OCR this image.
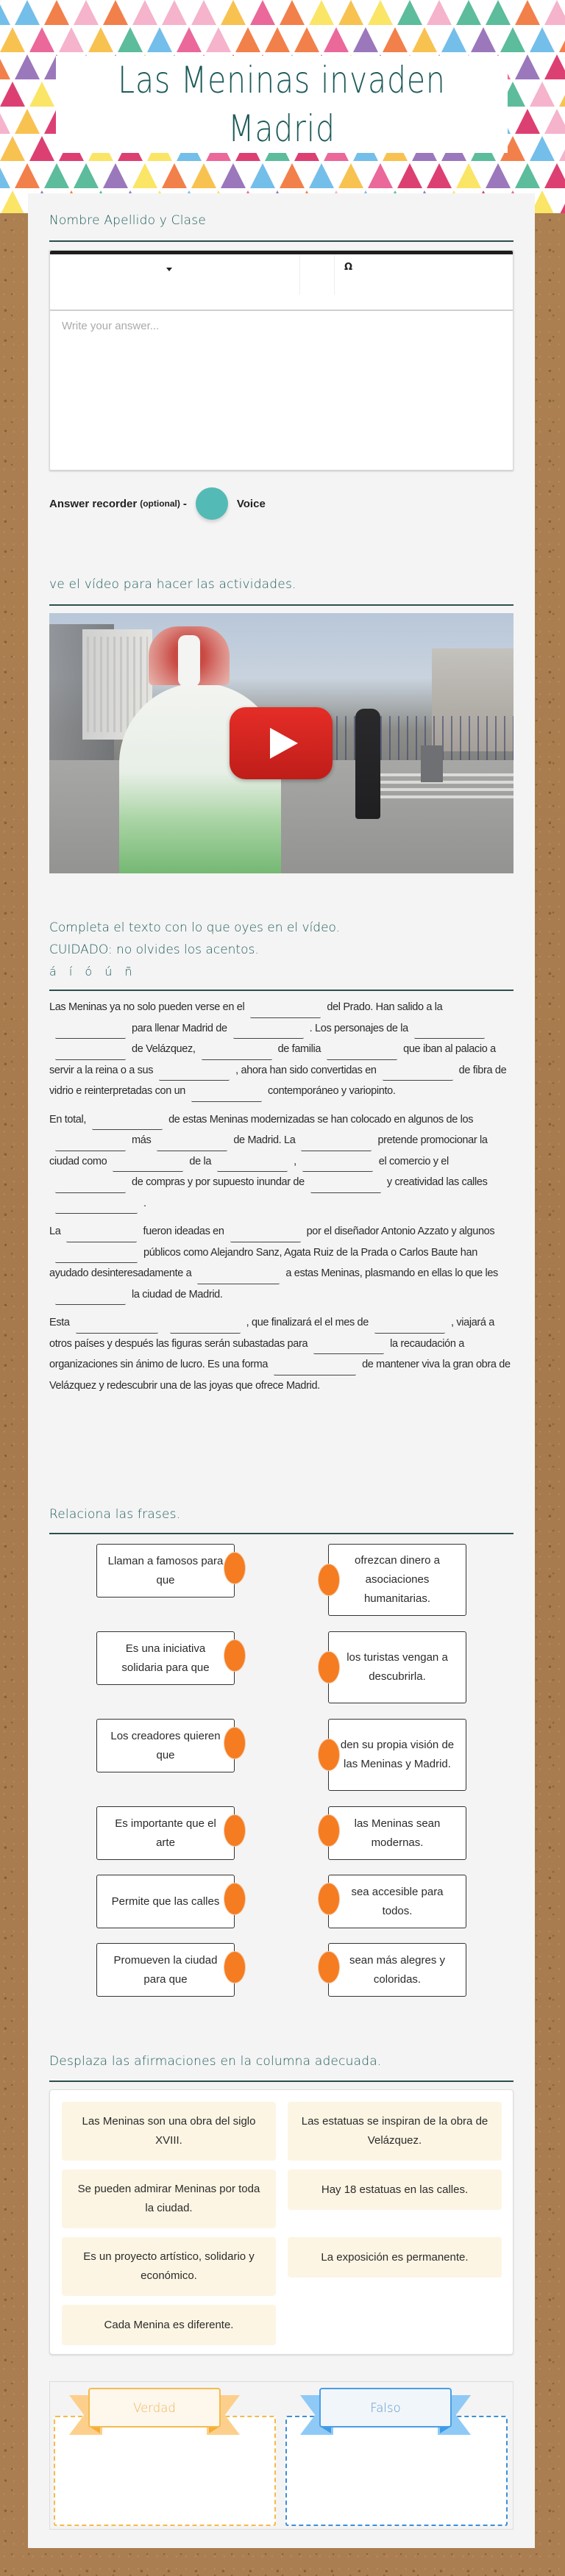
Las Meninas invaden Madrid
Nombre Apellido y Clase
Ω
Write your answer...
Answer recorder (optional) -	Voice
ve el vídeo para hacer las actividades.
Completa el texto con lo que oyes en el vídeo.
CUIDADO: no olvides los acentos.
á í ó ú ñ

Las Meninas ya no solo pueden verse en el	del Prado. Han salido a lapara llenar Madrid de	. Los personajes de lade Velázquez,	de familia	que iban al palacio a servir a la reina o a sus	, ahora han sido convertidas en	de fibra de vidrio e reinterpretadas con un	contemporáneo y variopinto.

En total,	de estas Meninas modernizadas se han colocado en algunos de losmás	de Madrid. La	pretende promocionar la ciudad como	de la	,	el comercio y elde compras y por supuesto inundar de	y creatividad las calles.

La	fueron ideadas en	por el diseñador Antonio Azzato y algunospúblicos como Alejandro Sanz, Agata Ruiz de la Prada o Carlos Baute han ayudado desinteresadamente a	a estas Meninas, plasmando en ellas lo que lesla ciudad de Madrid.

Esta	, que finalizará el el mes de	, viajará a otros países y después las figuras serán subastadas para	la recaudación a organizaciones sin ánimo de lucro. Es una forma	de mantener viva la gran obra de Velázquez y redescubrir una de las joyas que ofrece Madrid.

Relaciona las frases.
Llaman a famosos para que
ofrezcan dinero a asociaciones humanitarias.
Es una iniciativa solidaria para que
los turistas vengan a descubrirla.
Los creadores quieren que
den su propia visión de las Meninas y Madrid.
Es importante que el arte
las Meninas sean modernas.
Permite que las calles
sea accesible para todos.
Promueven la ciudad para que
sean más alegres y coloridas.
Desplaza las afirmaciones en la columna adecuada.
Las Meninas son una obra del siglo XVIII.
Las estatuas se inspiran de la obra de Velázquez.
Se pueden admirar Meninas por toda la ciudad.
Hay 18 estatuas en las calles.
Es un proyecto artístico, solidario y económico.
La exposición es permanente.
Cada Menina es diferente.
Verdad	Falso
